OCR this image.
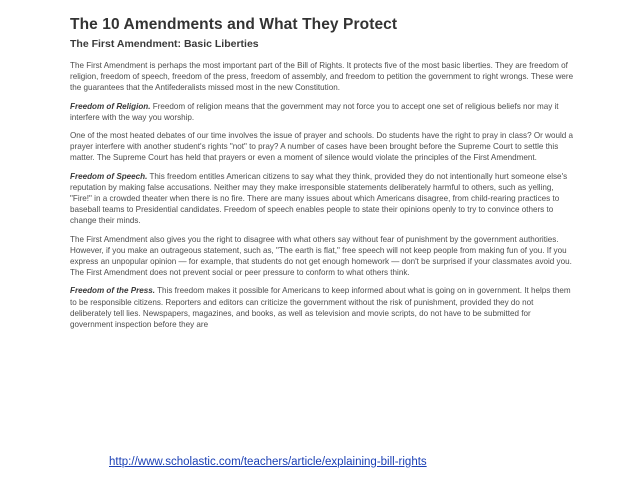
The 10 Amendments and What They Protect
The First Amendment: Basic Liberties

The First Amendment is perhaps the most important part of the Bill of Rights. It protects five of the most basic liberties. They are freedom of religion, freedom of speech, freedom of the press, freedom of assembly, and freedom to petition the government to right wrongs. These were the guarantees that the Antifederalists missed most in the new Constitution.

Freedom of Religion. Freedom of religion means that the government may not force you to accept one set of religious beliefs nor may it interfere with the way you worship.

One of the most heated debates of our time involves the issue of prayer and schools. Do students have the right to pray in class? Or would a prayer interfere with another student's rights "not" to pray? A number of cases have been brought before the Supreme Court to settle this matter. The Supreme Court has held that prayers or even a moment of silence would violate the principles of the First Amendment.

Freedom of Speech. This freedom entitles American citizens to say what they think, provided they do not intentionally hurt someone else's reputation by making false accusations. Neither may they make irresponsible statements deliberately harmful to others, such as yelling, "Fire!" in a crowded theater when there is no fire. There are many issues about which Americans disagree, from child-rearing practices to baseball teams to Presidential candidates. Freedom of speech enables people to state their opinions openly to try to convince others to change their minds.

The First Amendment also gives you the right to disagree with what others say without fear of punishment by the government authorities. However, if you make an outrageous statement, such as, "The earth is flat," free speech will not keep people from making fun of you. If you express an unpopular opinion — for example, that students do not get enough homework — don't be surprised if your classmates avoid you. The First Amendment does not prevent social or peer pressure to conform to what others think.

Freedom of the Press. This freedom makes it possible for Americans to keep informed about what is going on in government. It helps them to be responsible citizens. Reporters and editors can criticize the government without the risk of punishment, provided they do not deliberately tell lies. Newspapers, magazines, and books, as well as television and movie scripts, do not have to be submitted for government inspection before they are

http://www.scholastic.com/teachers/article/explaining-bill-rights
